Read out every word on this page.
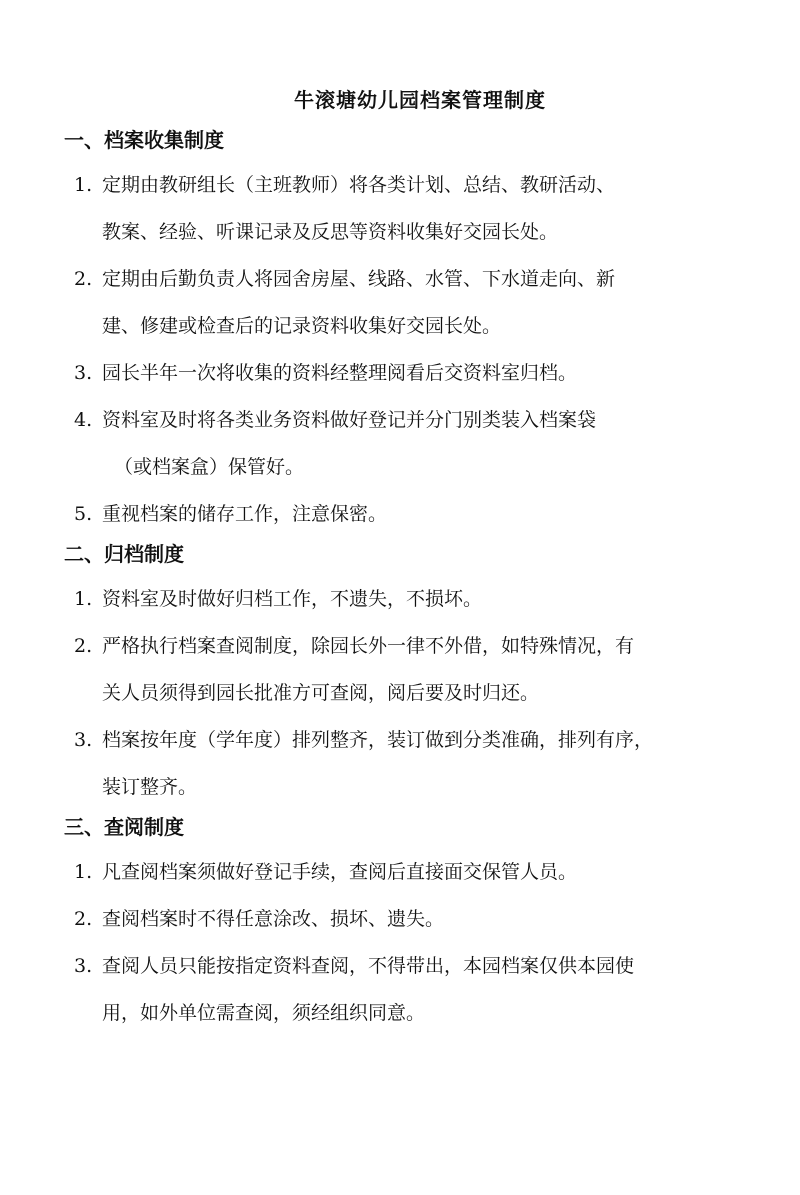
牛滚塘幼儿园档案管理制度
一、档案收集制度
1. 定期由教研组长（主班教师）将各类计划、总结、教研活动、
教案、经验、听课记录及反思等资料收集好交园长处。
2. 定期由后勤负责人将园舍房屋、线路、水管、下水道走向、新
建、修建或检查后的记录资料收集好交园长处。
3. 园长半年一次将收集的资料经整理阅看后交资料室归档。
4. 资料室及时将各类业务资料做好登记并分门别类装入档案袋
（或档案盒）保管好。
5. 重视档案的储存工作，注意保密。
二、归档制度
1. 资料室及时做好归档工作，不遗失，不损坏。
2. 严格执行档案查阅制度，除园长外一律不外借，如特殊情况，有
关人员须得到园长批准方可查阅，阅后要及时归还。
3. 档案按年度（学年度）排列整齐，装订做到分类准确，排列有序，
装订整齐。
三、查阅制度
1. 凡查阅档案须做好登记手续，查阅后直接面交保管人员。
2. 查阅档案时不得任意涂改、损坏、遗失。
3. 查阅人员只能按指定资料查阅，不得带出，本园档案仅供本园使
用，如外单位需查阅，须经组织同意。
